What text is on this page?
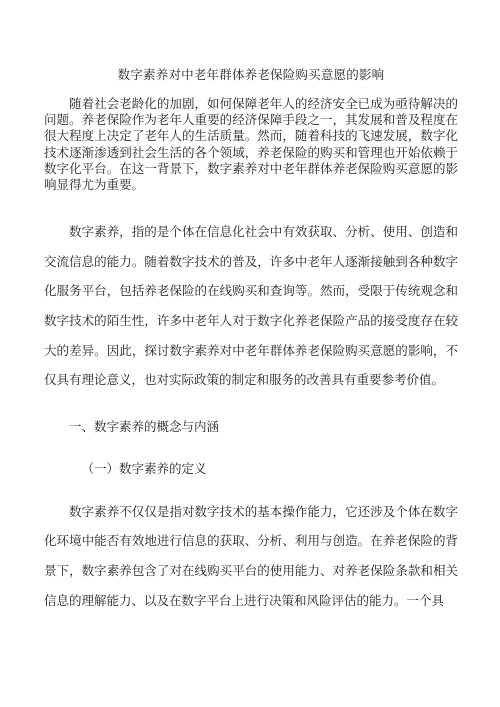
数字素养对中老年群体养老保险购买意愿的影响

随着社会老龄化的加剧，如何保障老年人的经济安全已成为亟待解决的问题。养老保险作为老年人重要的经济保障手段之一，其发展和普及程度在很大程度上决定了老年人的生活质量。然而，随着科技的飞速发展，数字化技术逐渐渗透到社会生活的各个领域，养老保险的购买和管理也开始依赖于数字化平台。在这一背景下，数字素养对中老年群体养老保险购买意愿的影响显得尤为重要。

数字素养，指的是个体在信息化社会中有效获取、分析、使用、创造和交流信息的能力。随着数字技术的普及，许多中老年人逐渐接触到各种数字化服务平台，包括养老保险的在线购买和查询等。然而，受限于传统观念和数字技术的陌生性，许多中老年人对于数字化养老保险产品的接受度存在较大的差异。因此，探讨数字素养对中老年群体养老保险购买意愿的影响，不仅具有理论意义，也对实际政策的制定和服务的改善具有重要参考价值。

一、数字素养的概念与内涵
（一）数字素养的定义

数字素养不仅仅是指对数字技术的基本操作能力，它还涉及个体在数字化环境中能否有效地进行信息的获取、分析、利用与创造。在养老保险的背景下，数字素养包含了对在线购买平台的使用能力、对养老保险条款和相关信息的理解能力、以及在数字平台上进行决策和风险评估的能力。一个具
